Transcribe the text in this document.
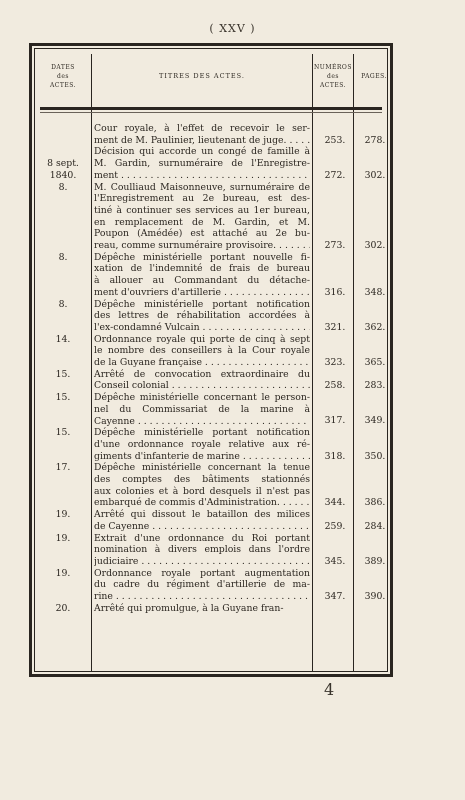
( XXV )
DATES
des
ACTES.
TITRES DES ACTES.
NUMÉROS
des
ACTES.
PAGES.
Cour royale, à l'effet de recevoir le ser-
ment de M. Paulinier, lieutenant de juge. . . .	253.	278.
8 sept. 1840.
Décision qui accorde un congé de famille à
M. Gardin, surnuméraire de l'Enregistre-
ment . . .	272.	302.
8.	M. Coulliaud Maisonneuve, surnuméraire de
l'Enregistrement au 2e bureau, est des-
tiné à continuer ses services au 1er bureau,
en remplacement de M. Gardin, et M.
Poupon (Amédée) est attaché au 2e bu-
reau, comme surnuméraire provisoire. . . . .	273.	302.
8.	Dépêche ministérielle portant nouvelle fi-
xation de l'indemnité de frais de bureau
à allouer au Commandant du détache-
ment d'ouvriers d'artillerie . . .	316.	348.
8.	Dépêche ministérielle portant notification
des lettres de réhabilitation accordées à
l'ex-condamné Vulcain . . .	321.	362.
14.	Ordonnance royale qui porte de cinq à sept
le nombre des conseillers à la Cour royale
de la Guyane française . . .	323.	365.
15.	Arrêté de convocation extraordinaire du
Conseil colonial . . .	258.	283.
15.	Dépêche ministérielle concernant le person-
nel du Commissariat de la marine à
Cayenne . . .	317.	349.
15.	Dépêche ministérielle portant notification
d'une ordonnance royale relative aux ré-
giments d'infanterie de marine . . .	318.	350.
17.	Dépêche ministérielle concernant la tenue
des comptes des bâtiments stationnés
aux colonies et à bord desquels il n'est pas
embarqué de commis d'Administration. . . . .	344.	386.
19.	Arrêté qui dissout le bataillon des milices
de Cayenne . . .	259.	284.
19.	Extrait d'une ordonnance du Roi portant
nomination à divers emplois dans l'ordre
judiciaire . . .	345.	389.
19.	Ordonnance royale portant augmentation
du cadre du régiment d'artillerie de ma-
rine . . .	347.	390.
20.	Arrêté qui promulgue, à la Guyane fran-
4
